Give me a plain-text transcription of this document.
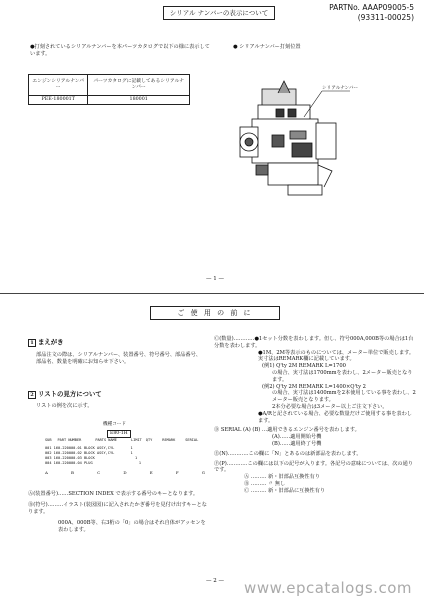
シリアル ナンバーの表示について
PARTNo. AAAP09005-5
(93311-00025)
●打刻されているシリアルナンバーを本パーツカタログで以下の様に表示しています。
エンジンシリアルナンバー	パーツカタログに記載してあるシリアルナンバー
PEE-180001T	180001
● シリアルナンバー打刻位置
シリアルナンバー
— 1 —
ご 使 用 の 前 に
1 まえがき
部品注文の際は、シリアルナンバー、装置番号、符号番号、部品番号、部品名、数量を明確にお知らせ下さい。
2 リストの見方について
リストの例を次に示す。
機種コード
E80-1H
SUB PART NUMBER	PARTS NAME	LIMIT QTY	REMARK	SERIAL
001 160-220000-01 BLOCK ASSY,CYL	1
002 160-220000-02 BLOCK ASSY,CYL	1
003 160-220000-03 BLOCK	1
004 160-220000-04 PLUG	1
A	B	C	D	E	F	G
Ⓐ(装置番号)……SECTION INDEX で表示する番号のキーとなります。
Ⓑ(符号)………イラスト(装図図)に記入されたかぎ番号を見付け出すキーとなります。
000A、000B等、右3桁の「0」の場合はそれ自体がアッセンを表わします。
Ⓒ(数量)…………●1セット分数を表わします。但し、符号000A,000B等の場合は1台分数を表わします。
●1M、2M等表示のものについては、メーター単位で販売します。実寸法はREMARK欄に記載しています。
(例1) Q'ty 2M REMARK L=1700
の場合、実寸法は1700mmを表わし、2メーター販売となります。
(例2) Q'ty 2M REMARK L=1400×Q'ty 2
の場合、実寸法は1400mmを2本使用している事を表わし、2メーター販売となります。
2本分必要な場合は3メーター以上ご注文下さい。
●A/Rと記されている場合、必要な数量だけご使用する事を表わします。
Ⓓ SERIAL (A) (B) …適用できるエンジン番号を表わします。
(A)……適用開始号機
(B)……適用終了号機
Ⓔ(N)…………この欄に「N」とあるのは新部品を表わします。
Ⓕ(P)…………この欄には以下の記号が入ります。各記号の意味については、次の通りです。
Ⓐ ……… 新・旧部品互換性有り
Ⓑ ……… 〃 無し
Ⓒ ……… 新・旧部品に互換性有り
— 2 — www.epcatalogs.com
